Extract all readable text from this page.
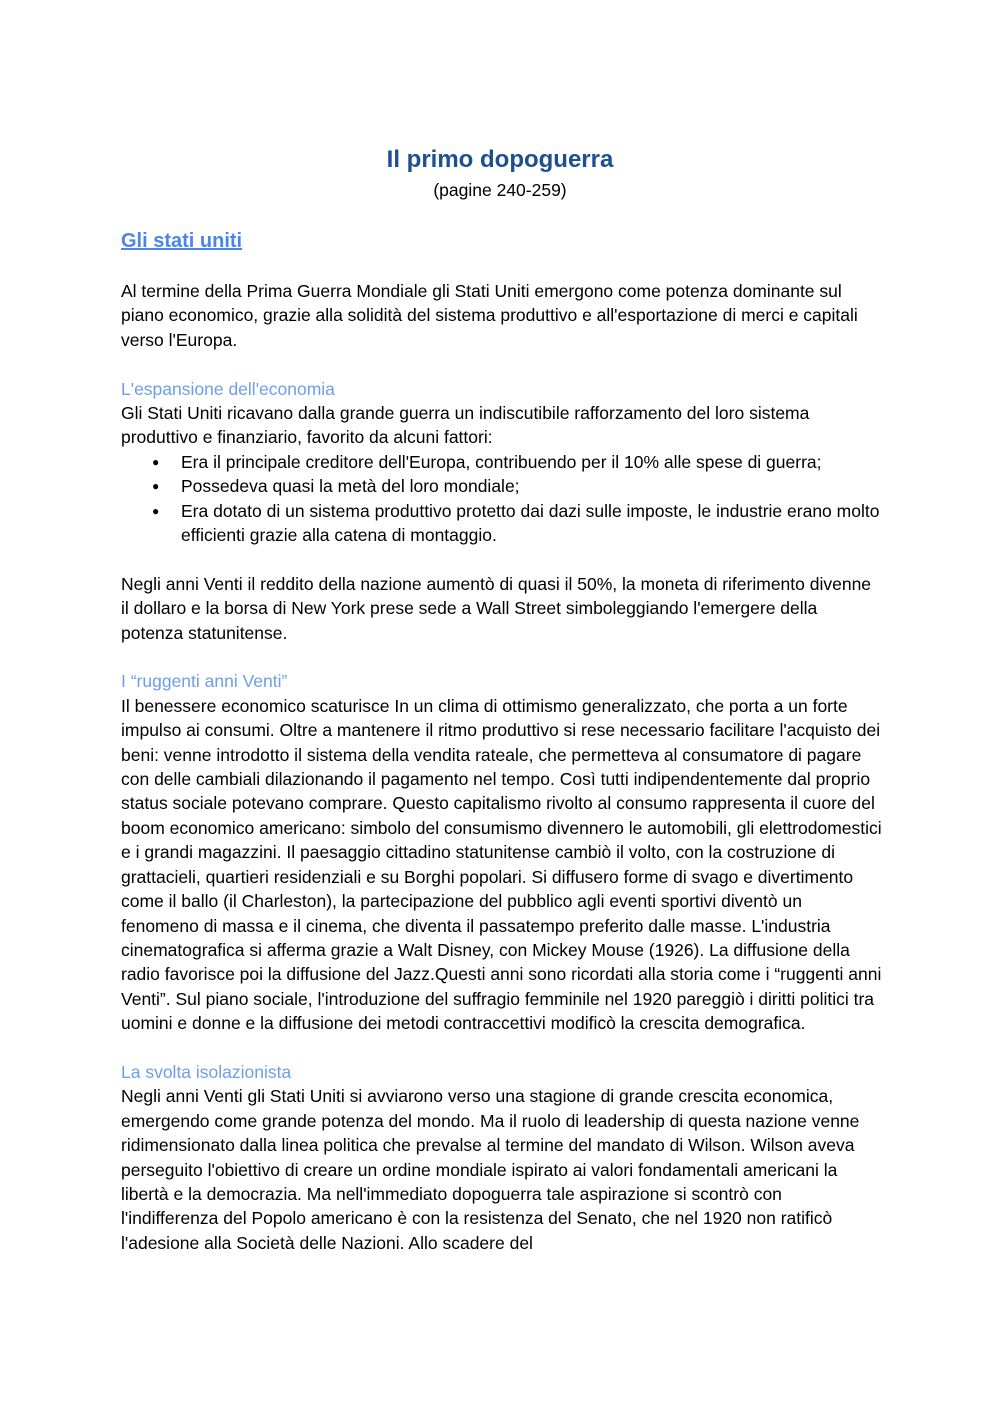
Il primo dopoguerra
(pagine 240-259)
Gli stati uniti

Al termine della Prima Guerra Mondiale gli Stati Uniti emergono come potenza dominante sul piano economico, grazie alla solidità del sistema produttivo e all'esportazione di merci e capitali verso l'Europa.

L'espansione dell'economia

Gli Stati Uniti ricavano dalla grande guerra un indiscutibile rafforzamento del loro sistema produttivo e finanziario, favorito da alcuni fattori:

● Era il principale creditore dell'Europa, contribuendo per il 10% alle spese di guerra;
● Possedeva quasi la metà del loro mondiale;
● Era dotato di un sistema produttivo protetto dai dazi sulle imposte, le industrie erano molto efficienti grazie alla catena di montaggio.

Negli anni Venti il reddito della nazione aumentò di quasi il 50%, la moneta di riferimento divenne il dollaro e la borsa di New York prese sede a Wall Street simboleggiando l'emergere della potenza statunitense.

I “ruggenti anni Venti”

Il benessere economico scaturisce In un clima di ottimismo generalizzato, che porta a un forte impulso ai consumi. Oltre a mantenere il ritmo produttivo si rese necessario facilitare l'acquisto dei beni: venne introdotto il sistema della vendita rateale, che permetteva al consumatore di pagare con delle cambiali dilazionando il pagamento nel tempo. Così tutti indipendentemente dal proprio status sociale potevano comprare. Questo capitalismo rivolto al consumo rappresenta il cuore del boom economico americano: simbolo del consumismo divennero le automobili, gli elettrodomestici e i grandi magazzini. Il paesaggio cittadino statunitense cambiò il volto, con la costruzione di grattacieli, quartieri residenziali e su Borghi popolari. Si diffusero forme di svago e divertimento come il ballo (il Charleston), la partecipazione del pubblico agli eventi sportivi diventò un fenomeno di massa e il cinema, che diventa il passatempo preferito dalle masse. L'industria cinematografica si afferma grazie a Walt Disney, con Mickey Mouse (1926). La diffusione della radio favorisce poi la diffusione del Jazz.Questi anni sono ricordati alla storia come i “ruggenti anni Venti”. Sul piano sociale, l'introduzione del suffragio femminile nel 1920 pareggiò i diritti politici tra uomini e donne e la diffusione dei metodi contraccettivi modificò la crescita demografica.

La svolta isolazionista

Negli anni Venti gli Stati Uniti si avviarono verso una stagione di grande crescita economica, emergendo come grande potenza del mondo. Ma il ruolo di leadership di questa nazione venne ridimensionato dalla linea politica che prevalse al termine del mandato di Wilson. Wilson aveva perseguito l'obiettivo di creare un ordine mondiale ispirato ai valori fondamentali americani la libertà e la democrazia. Ma nell'immediato dopoguerra tale aspirazione si scontrò con l'indifferenza del Popolo americano è con la resistenza del Senato, che nel 1920 non ratificò l'adesione alla Società delle Nazioni. Allo scadere del
